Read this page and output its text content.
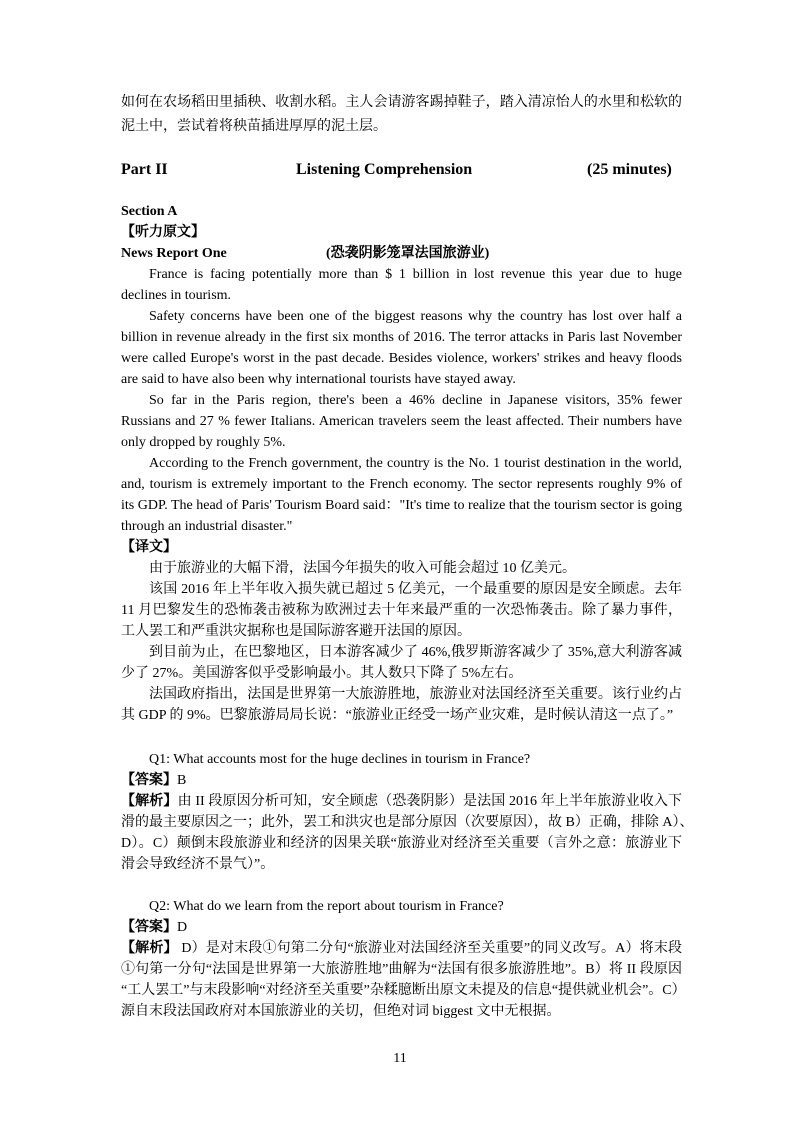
如何在农场稻田里插秧、收割水稻。主人会请游客踢掉鞋子，踏入清凉怡人的水里和松软的
泥土中，尝试着将秧苗插进厚厚的泥土层。
Part II	Listening Comprehension	(25 minutes)
Section A
【听力原文】
News Report One	(恐袭阴影笼罩法国旅游业)
France is facing potentially more than $ 1 billion in lost revenue this year due to huge
declines in tourism.
Safety concerns have been one of the biggest reasons why the country has lost over half a
billion in revenue already in the first six months of 2016. The terror attacks in Paris last November
were called Europe's worst in the past decade. Besides violence, workers' strikes and heavy floods
are said to have also been why international tourists have stayed away.
So far in the Paris region, there's been a 46% decline in Japanese visitors, 35% fewer
Russians and 27 % fewer Italians. American travelers seem the least affected. Their numbers have
only dropped by roughly 5%.
According to the French government, the country is the No. 1 tourist destination in the world,
and, tourism is extremely important to the French economy. The sector represents roughly 9% of
its GDP. The head of Paris' Tourism Board said："It's time to realize that the tourism sector is going
through an industrial disaster."
【译文】
由于旅游业的大幅下滑，法国今年损失的收入可能会超过 10 亿美元。
该国 2016 年上半年收入损失就已超过 5 亿美元，一个最重要的原因是安全顾虑。去年
11 月巴黎发生的恐怖袭击被称为欧洲过去十年来最严重的一次恐怖袭击。除了暴力事件，
工人罢工和严重洪灾据称也是国际游客避开法国的原因。
到目前为止，在巴黎地区，日本游客减少了 46%,俄罗斯游客减少了 35%,意大利游客减
少了 27%。美国游客似乎受影响最小。其人数只下降了 5%左右。
法国政府指出，法国是世界第一大旅游胜地，旅游业对法国经济至关重要。该行业约占
其 GDP 的 9%。巴黎旅游局局长说：“旅游业正经受一场产业灾难，是时候认清这一点了。”
Q1: What accounts most for the huge declines in tourism in France?
【答案】B
【解析】由 II 段原因分析可知，安全顾虑（恐袭阴影）是法国 2016 年上半年旅游业收入下
滑的最主要原因之一；此外，罢工和洪灾也是部分原因（次要原因），故 B）正确，排除 A）、
D）。C）颠倒末段旅游业和经济的因果关联“旅游业对经济至关重要（言外之意：旅游业下
滑会导致经济不景气）”。
Q2: What do we learn from the report about tourism in France?
【答案】D
【解析】 D）是对末段①句第二分句“旅游业对法国经济至关重要”的同义改写。A）将末段
①句第一分句“法国是世界第一大旅游胜地”曲解为“法国有很多旅游胜地”。B）将 II 段原因
“工人罢工”与末段影响“对经济至关重要”杂糅臆断出原文未提及的信息“提供就业机会”。C）
源自末段法国政府对本国旅游业的关切，但绝对词 biggest 文中无根据。
11
